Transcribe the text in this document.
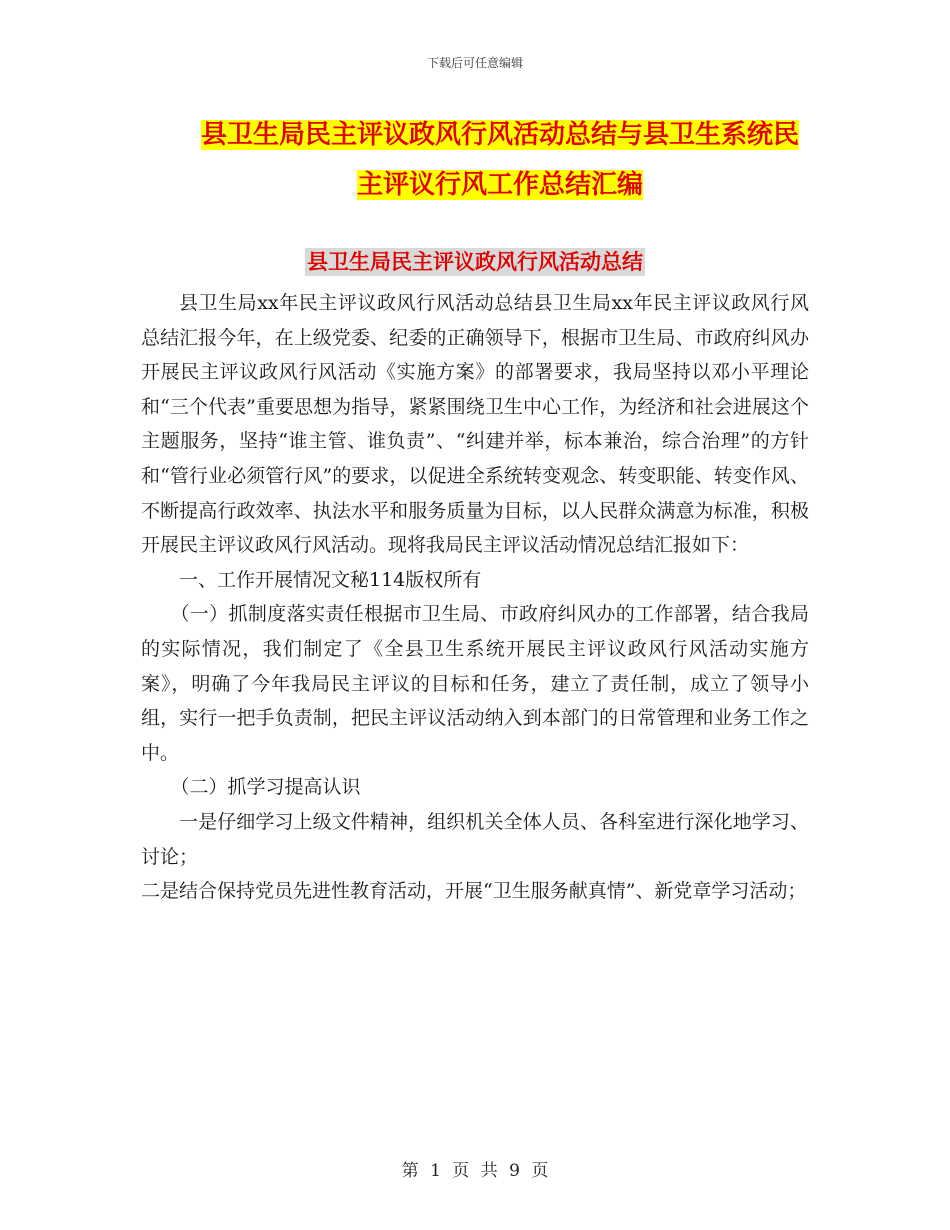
下载后可任意编辑
县卫生局民主评议政风行风活动总结与县卫生系统民
主评议行风工作总结汇编
县卫生局民主评议政风行风活动总结

县卫生局xx年民主评议政风行风活动总结县卫生局xx年民主评议政风行风总结汇报今年，在上级党委、纪委的正确领导下，根据市卫生局、市政府纠风办开展民主评议政风行风活动《实施方案》的部署要求，我局坚持以邓小平理论和“三个代表”重要思想为指导，紧紧围绕卫生中心工作，为经济和社会进展这个主题服务，坚持“谁主管、谁负责”、“纠建并举，标本兼治，综合治理”的方针和“管行业必须管行风”的要求，以促进全系统转变观念、转变职能、转变作风、不断提高行政效率、执法水平和服务质量为目标，以人民群众满意为标准，积极开展民主评议政风行风活动。现将我局民主评议活动情况总结汇报如下：

一、工作开展情况文秘114版权所有

（一）抓制度落实责任根据市卫生局、市政府纠风办的工作部署，结合我局的实际情况，我们制定了《全县卫生系统开展民主评议政风行风活动实施方案》，明确了今年我局民主评议的目标和任务，建立了责任制，成立了领导小组，实行一把手负责制，把民主评议活动纳入到本部门的日常管理和业务工作之中。

（二）抓学习提高认识

一是仔细学习上级文件精神，组织机关全体人员、各科室进行深化地学习、讨论；

二是结合保持党员先进性教育活动，开展“卫生服务献真情”、新党章学习活动；

第 1 页 共 9 页
